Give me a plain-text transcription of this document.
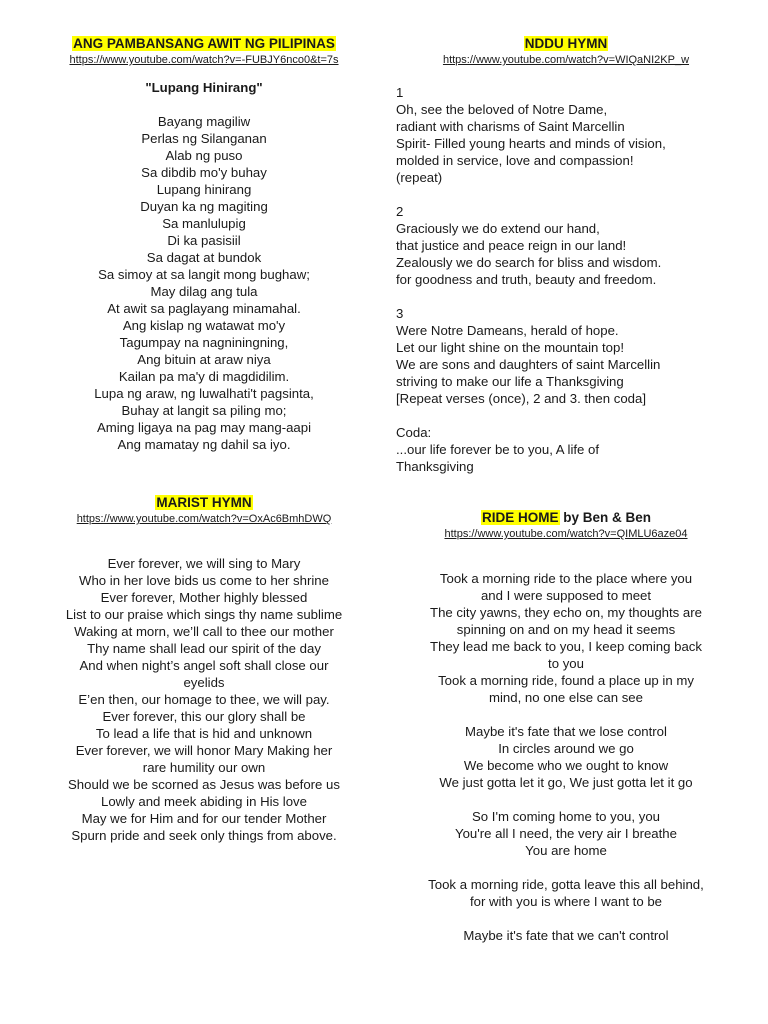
ANG PAMBANSANG AWIT NG PILIPINAS

https://www.youtube.com/watch?v=-FUBJY6nco0&t=7s

"Lupang Hinirang"

Bayang magiliw
Perlas ng Silanganan
Alab ng puso
Sa dibdib mo'y buhay
Lupang hinirang
Duyan ka ng magiting
Sa manlulupig
Di ka pasisiil
Sa dagat at bundok
Sa simoy at sa langit mong bughaw;
May dilag ang tula
At awit sa paglayang minamahal.
Ang kislap ng watawat mo'y
Tagumpay na nagniningning,
Ang bituin at araw niya
Kailan pa ma'y di magdidilim.
Lupa ng araw, ng luwalhati't pagsinta,
Buhay at langit sa piling mo;
Aming ligaya na pag may mang-aapi
Ang mamatay ng dahil sa iyo.

NDDU HYMN

https://www.youtube.com/watch?v=WIQaNI2KP_w

1
Oh, see the beloved of Notre Dame,
radiant with charisms of Saint Marcellin
Spirit- Filled young hearts and minds of vision,
molded in service, love and compassion!
(repeat)
2
Graciously we do extend our hand,
that justice and peace reign in our land!
Zealously we do search for bliss and wisdom.
for goodness and truth, beauty and freedom.
3
Were Notre Dameans, herald of hope.
Let our light shine on the mountain top!
We are sons and daughters of saint Marcellin
striving to make our life a Thanksgiving
[Repeat verses (once), 2 and 3. then coda]
Coda:
...our life forever be to you, A life of
Thanksgiving

MARIST HYMN

https://www.youtube.com/watch?v=OxAc6BmhDWQ

Ever forever, we will sing to Mary
Who in her love bids us come to her shrine
Ever forever, Mother highly blessed
List to our praise which sings thy name sublime
Waking at morn, we’ll call to thee our mother
Thy name shall lead our spirit of the day
And when night’s angel soft shall close our
eyelids
E’en then, our homage to thee, we will pay.
Ever forever, this our glory shall be
To lead a life that is hid and unknown
Ever forever, we will honor Mary Making her
rare humility our own
Should we be scorned as Jesus was before us
Lowly and meek abiding in His love
May we for Him and for our tender Mother
Spurn pride and seek only things from above.

RIDE HOME by Ben & Ben

https://www.youtube.com/watch?v=QIMLU6aze04

Took a morning ride to the place where you
and I were supposed to meet
The city yawns, they echo on, my thoughts are
spinning on and on my head it seems
They lead me back to you, I keep coming back
to you
Took a morning ride, found a place up in my
mind, no one else can see
Maybe it's fate that we lose control
In circles around we go
We become who we ought to know
We just gotta let it go, We just gotta let it go
So I'm coming home to you, you
You're all I need, the very air I breathe
You are home
Took a morning ride, gotta leave this all behind,
for with you is where I want to be
Maybe it's fate that we can't control
